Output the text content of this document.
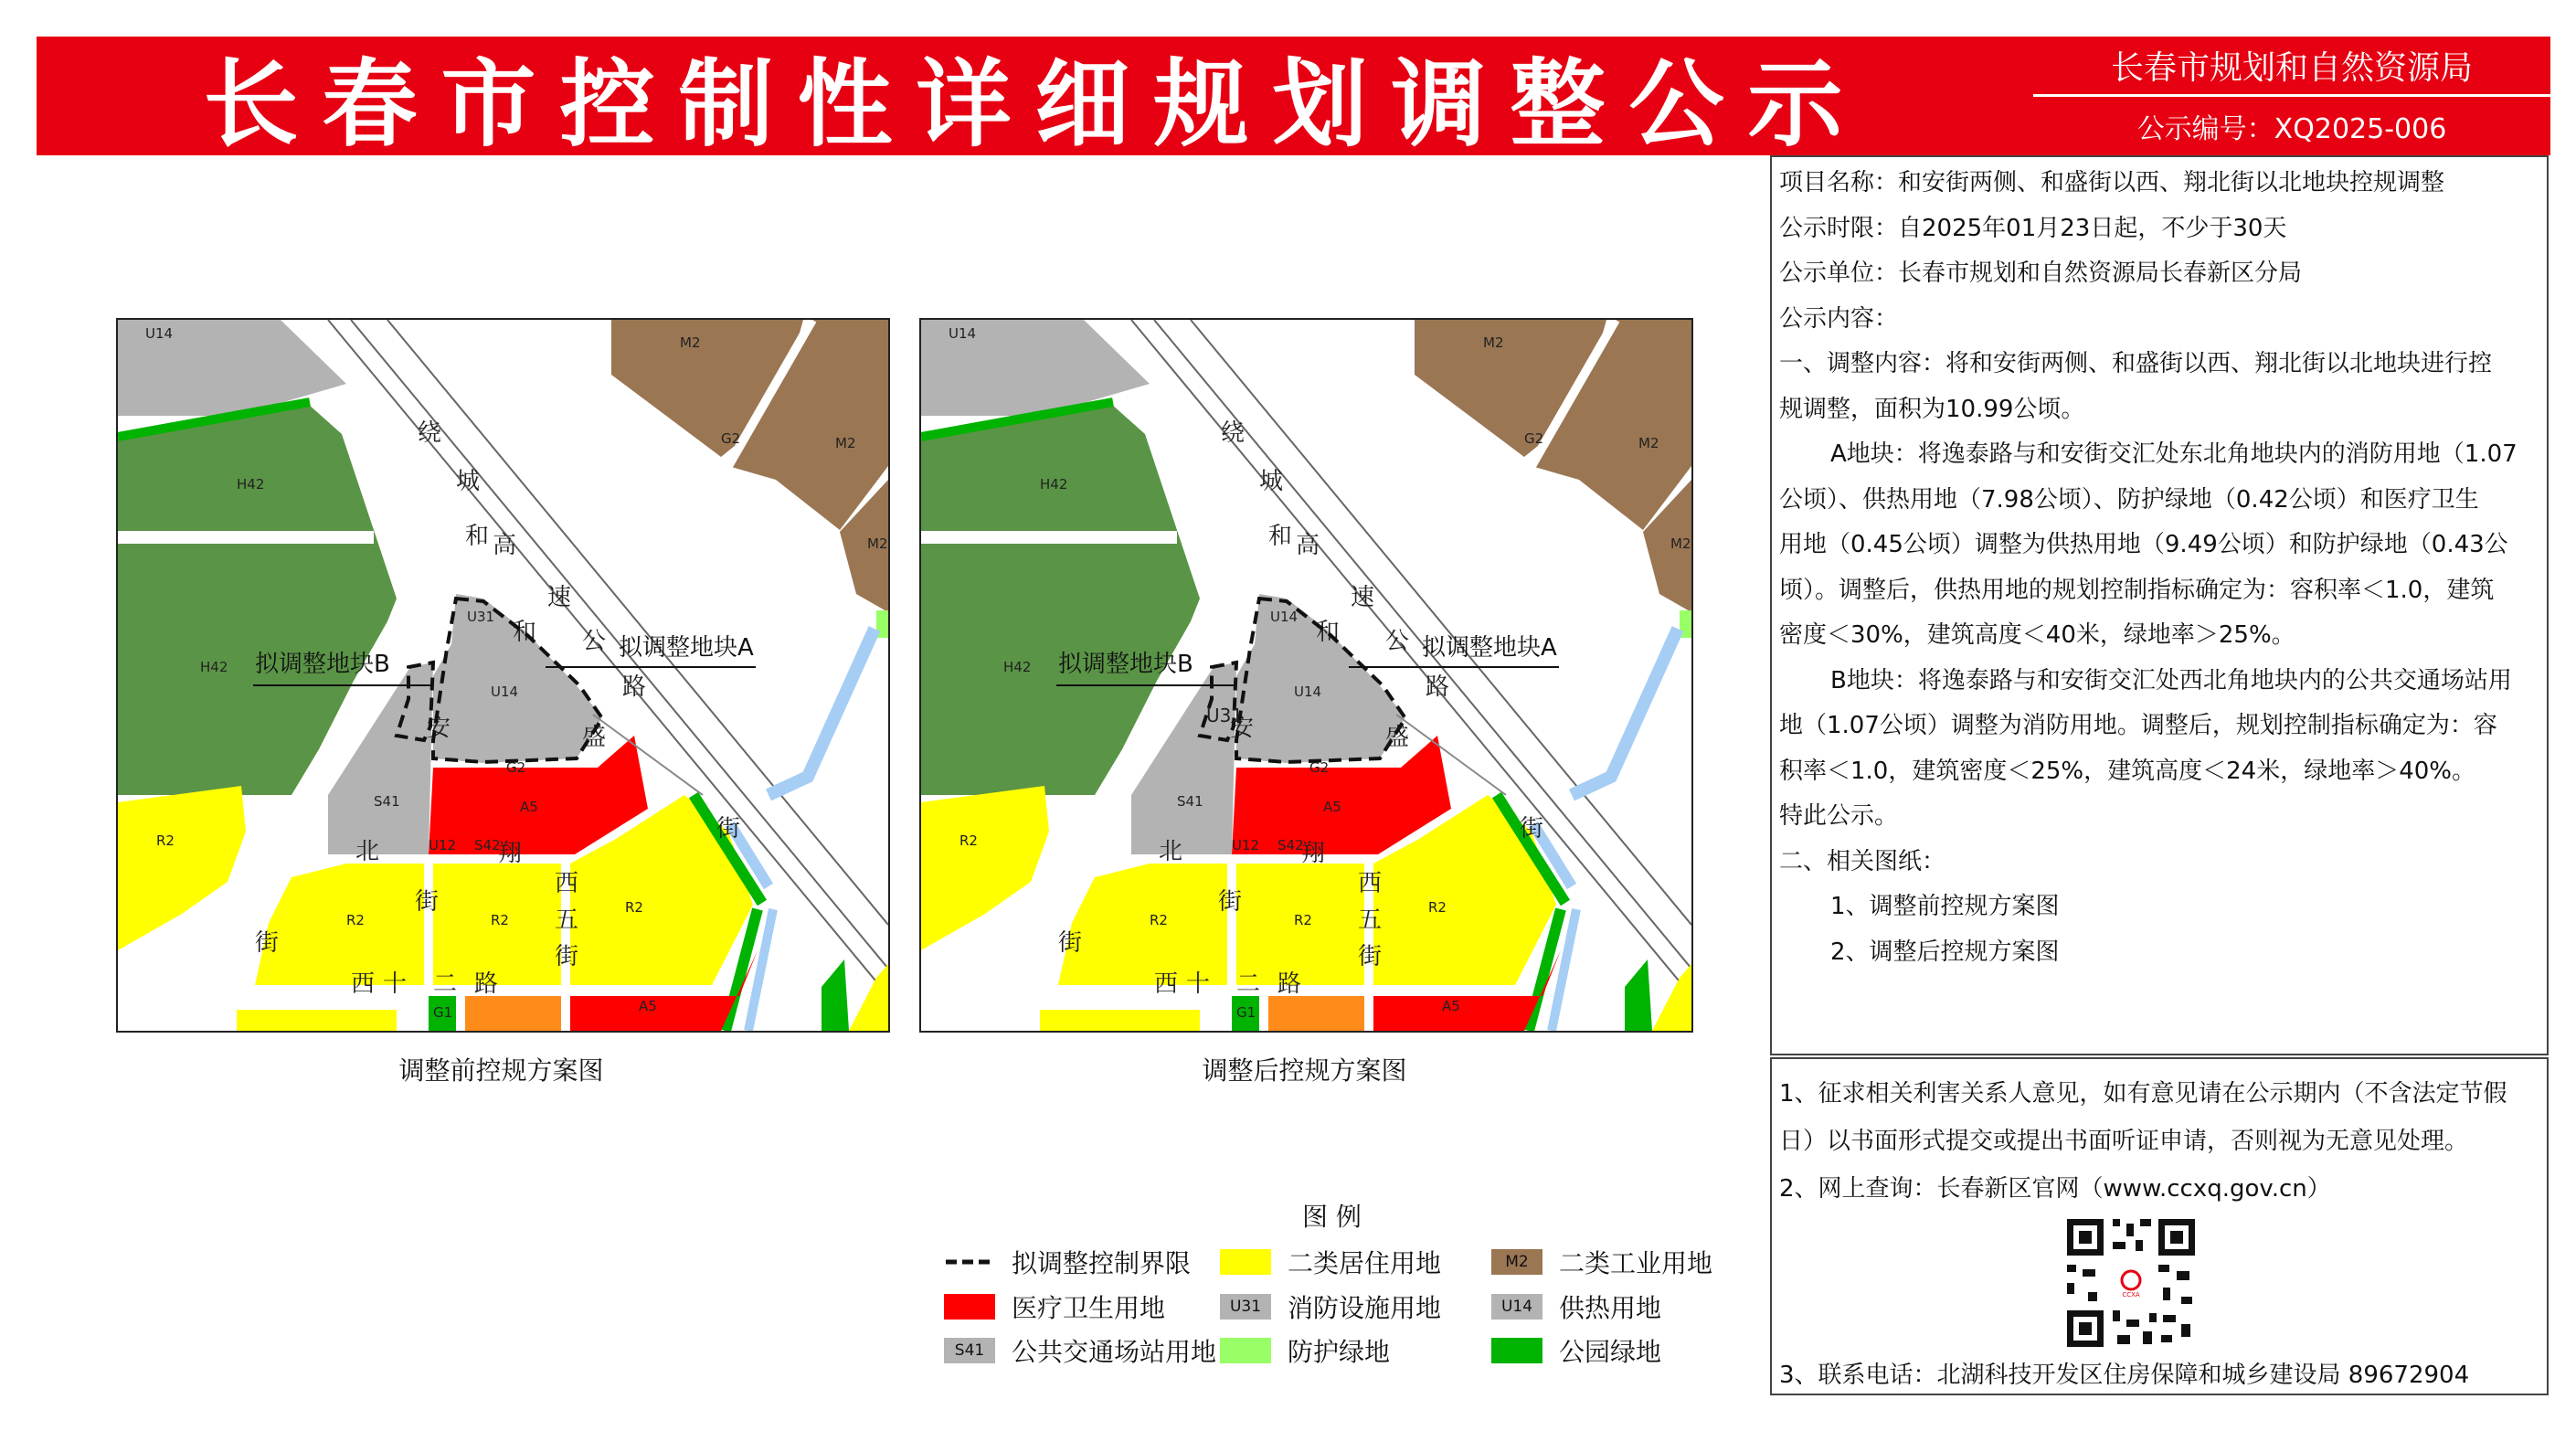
长春市控制性详细规划调整公示	长春市规划和自然资源局
公示编号：XQ2025-006
U14
H42
H42
M2
M2
M2
G2
G2
R2
R2	R2
R2
A5
A5
S41
U12 S42
U14
U31
G1
绕
城
和 高
速
公
路
和
安	盛
北
街
街
翔
西
五
街
西 十 二 路
街
拟调整地块A
拟调整地块B
调整前控规方案图
U14
H42
H42
M2
M2
M2
G2
G2
R2
R2	R2
R2
A5
A5
S41
U12 S42
U14
U14
G1
绕
城
和 高
速
公
路
和
安	盛
北
街
街
翔
西
五
街
西 十 二 路
街
拟调整地块A
拟调整地块B
U31
调整后控规方案图
图 例
拟调整控制界限	二类居住用地	M2	二类工业用地
医疗卫生用地	U31	消防设施用地	U14	供热用地
S41	公共交通场站用地	防护绿地	公园绿地
项目名称：和安街两侧、和盛街以西、翔北街以北地块控规调整
公示时限：自2025年01月23日起，不少于30天
公示单位：长春市规划和自然资源局长春新区分局
公示内容：
一、调整内容：将和安街两侧、和盛街以西、翔北街以北地块进行控
规调整，面积为10.99公顷。
A地块：将逸泰路与和安街交汇处东北角地块内的消防用地（1.07
公顷）、供热用地（7.98公顷）、防护绿地（0.42公顷）和医疗卫生
用地（0.45公顷）调整为供热用地（9.49公顷）和防护绿地（0.43公
顷）。调整后，供热用地的规划控制指标确定为：容积率＜1.0，建筑
密度＜30%，建筑高度＜40米，绿地率＞25%。
B地块：将逸泰路与和安街交汇处西北角地块内的公共交通场站用
地（1.07公顷）调整为消防用地。调整后，规划控制指标确定为：容
积率＜1.0，建筑密度＜25%，建筑高度＜24米，绿地率＞40%。
特此公示。
二、相关图纸：
1、调整前控规方案图
2、调整后控规方案图
1、征求相关利害关系人意见，如有意见请在公示期内（不含法定节假
日）以书面形式提交或提出书面听证申请，否则视为无意见处理。
2、网上查询：长春新区官网（www.ccxq.gov.cn）
CCXA
3、联系电话：北湖科技开发区住房保障和城乡建设局 89672904
